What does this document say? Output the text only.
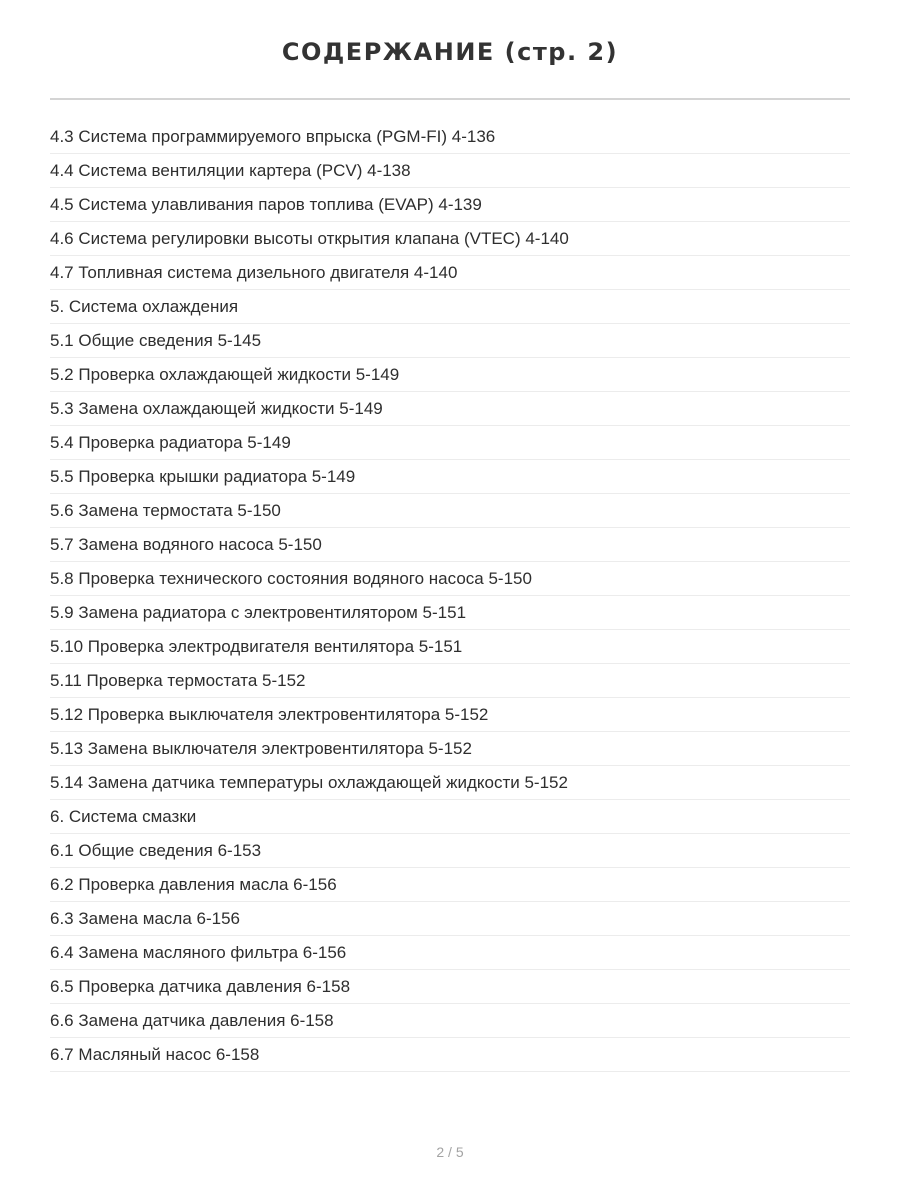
СОДЕРЖАНИЕ (стр. 2)
4.3 Система программируемого впрыска (PGM-FI) 4-136
4.4 Система вентиляции картера (PCV) 4-138
4.5 Система улавливания паров топлива (EVAP) 4-139
4.6 Система регулировки высоты открытия клапана (VTEC) 4-140
4.7 Топливная система дизельного двигателя 4-140
5. Система охлаждения
5.1 Общие сведения 5-145
5.2 Проверка охлаждающей жидкости 5-149
5.3 Замена охлаждающей жидкости 5-149
5.4 Проверка радиатора 5-149
5.5 Проверка крышки радиатора 5-149
5.6 Замена термостата 5-150
5.7 Замена водяного насоса 5-150
5.8 Проверка технического состояния водяного насоса 5-150
5.9 Замена радиатора с электровентилятором 5-151
5.10 Проверка электродвигателя вентилятора 5-151
5.11 Проверка термостата 5-152
5.12 Проверка выключателя электровентилятора 5-152
5.13 Замена выключателя электровентилятора 5-152
5.14 Замена датчика температуры охлаждающей жидкости 5-152
6. Система смазки
6.1 Общие сведения 6-153
6.2 Проверка давления масла 6-156
6.3 Замена масла 6-156
6.4 Замена масляного фильтра 6-156
6.5 Проверка датчика давления 6-158
6.6 Замена датчика давления 6-158
6.7 Масляный насос 6-158
2 / 5
